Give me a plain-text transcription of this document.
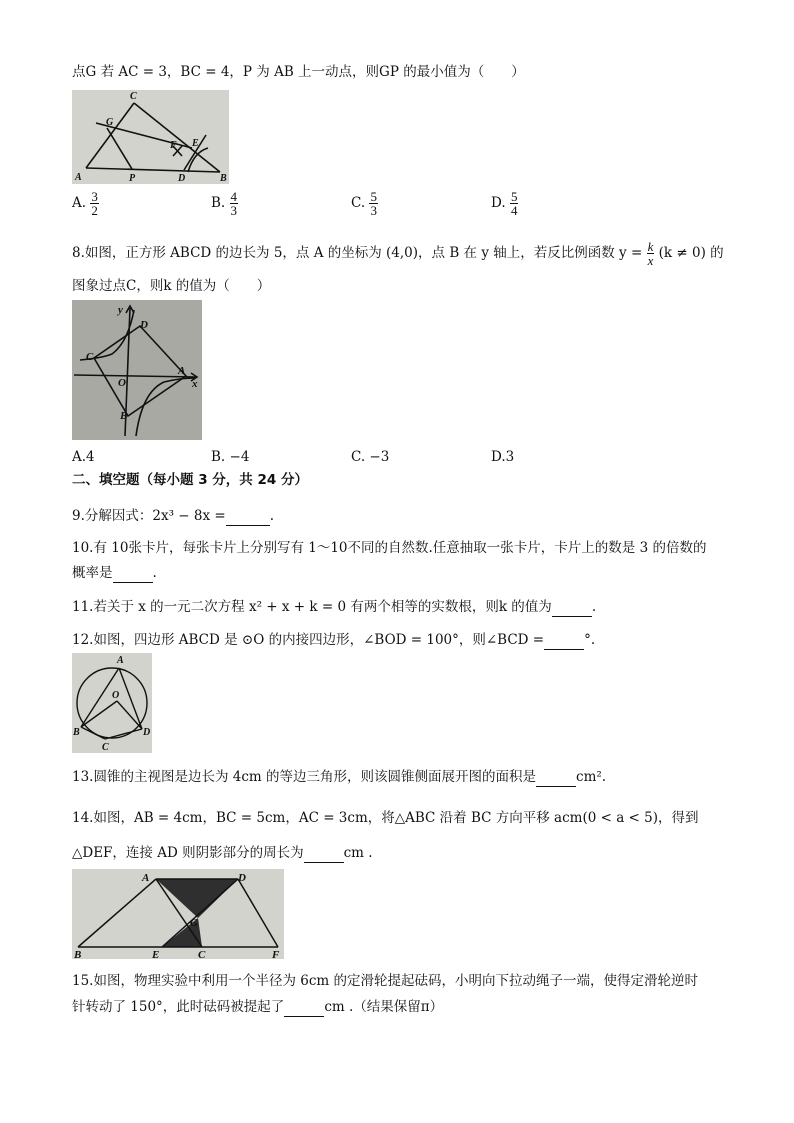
点G 若 AC = 3，BC = 4，P 为 AB 上一动点，则GP 的最小值为（　　）
C
G
F E
A	P	D	B
A. $\frac{3}{2}$	B. $\frac{4}{3}$	C. $\frac{5}{3}$	D. $\frac{5}{4}$
8.如图，正方形 ABCD 的边长为 5，点 A 的坐标为 (4,0)，点 B 在 y 轴上，若反比例函数 $y = \frac{k}{x} (k \ne 0)$ 的
图象过点C，则k 的值为（　　）
y
x
O
A
B
C
D
A.4	B. −4	C. −3	D.3
二、填空题（每小题 3 分，共 24 分）
9.分解因式：2x³ − 8x =	.
10.有 10张卡片，每张卡片上分别写有 1～10不同的自然数.任意抽取一张卡片，卡片上的数是 3 的倍数的
概率是	.
11.若关于 x 的一元二次方程 x² + x + k = 0 有两个相等的实数根，则k 的值为	.
12.如图，四边形 ABCD 是 ⊙O 的内接四边形，∠BOD = 100°，则∠BCD =	°.
A
O
B
C
D
13.圆锥的主视图是边长为 4cm 的等边三角形，则该圆锥侧面展开图的面积是	cm².
14.如图，AB = 4cm，BC = 5cm，AC = 3cm，将△ABC 沿着 BC 方向平移 acm(0 < a < 5)，得到
△DEF，连接 AD 则阴影部分的周长为	cm .
A	D
G
B	E	C	F
15.如图，物理实验中利用一个半径为 6cm 的定滑轮提起砝码，小明向下拉动绳子一端，使得定滑轮逆时
针转动了 150°，此时砝码被提起了	cm .（结果保留π）
